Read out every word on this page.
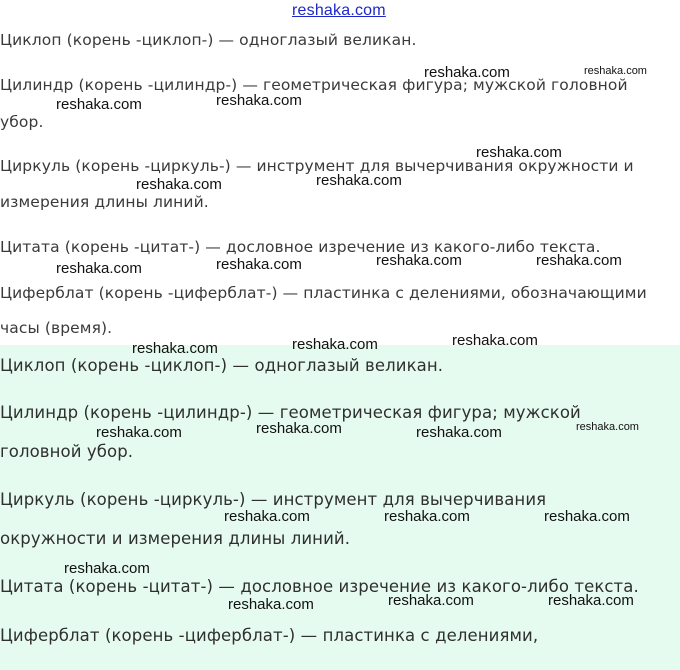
reshaka.com

Циклоп (корень -циклоп-) — одноглазый великан.

Цилиндр (корень -цилиндр-) — геометрическая фигура; мужской головной

убор.

Циркуль (корень -циркуль-) — инструмент для вычерчивания окружности и

измерения длины линий.

Цитата (корень -цитат-) — дословное изречение из какого-либо текста.

Циферблат (корень -циферблат-) — пластинка с делениями, обозначающими

часы (время).

Циклоп (корень -циклоп-) — одноглазый великан.

Цилиндр (корень -цилиндр-) — геометрическая фигура; мужской

головной убор.

Циркуль (корень -циркуль-) — инструмент для вычерчивания

окружности и измерения длины линий.

Цитата (корень -цитат-) — дословное изречение из какого-либо текста.

Циферблат (корень -циферблат-) — пластинка с делениями,

reshaka.com	reshaka.com
reshaka.com	reshaka.com
reshaka.com
reshaka.com	reshaka.com
reshaka.com	reshaka.com	reshaka.com	reshaka.com
reshaka.com	reshaka.com
reshaka.com
reshaka.com	reshaka.com	reshaka.com	reshaka.com
reshaka.com	reshaka.com	reshaka.com
reshaka.com
reshaka.com	reshaka.com	reshaka.com
